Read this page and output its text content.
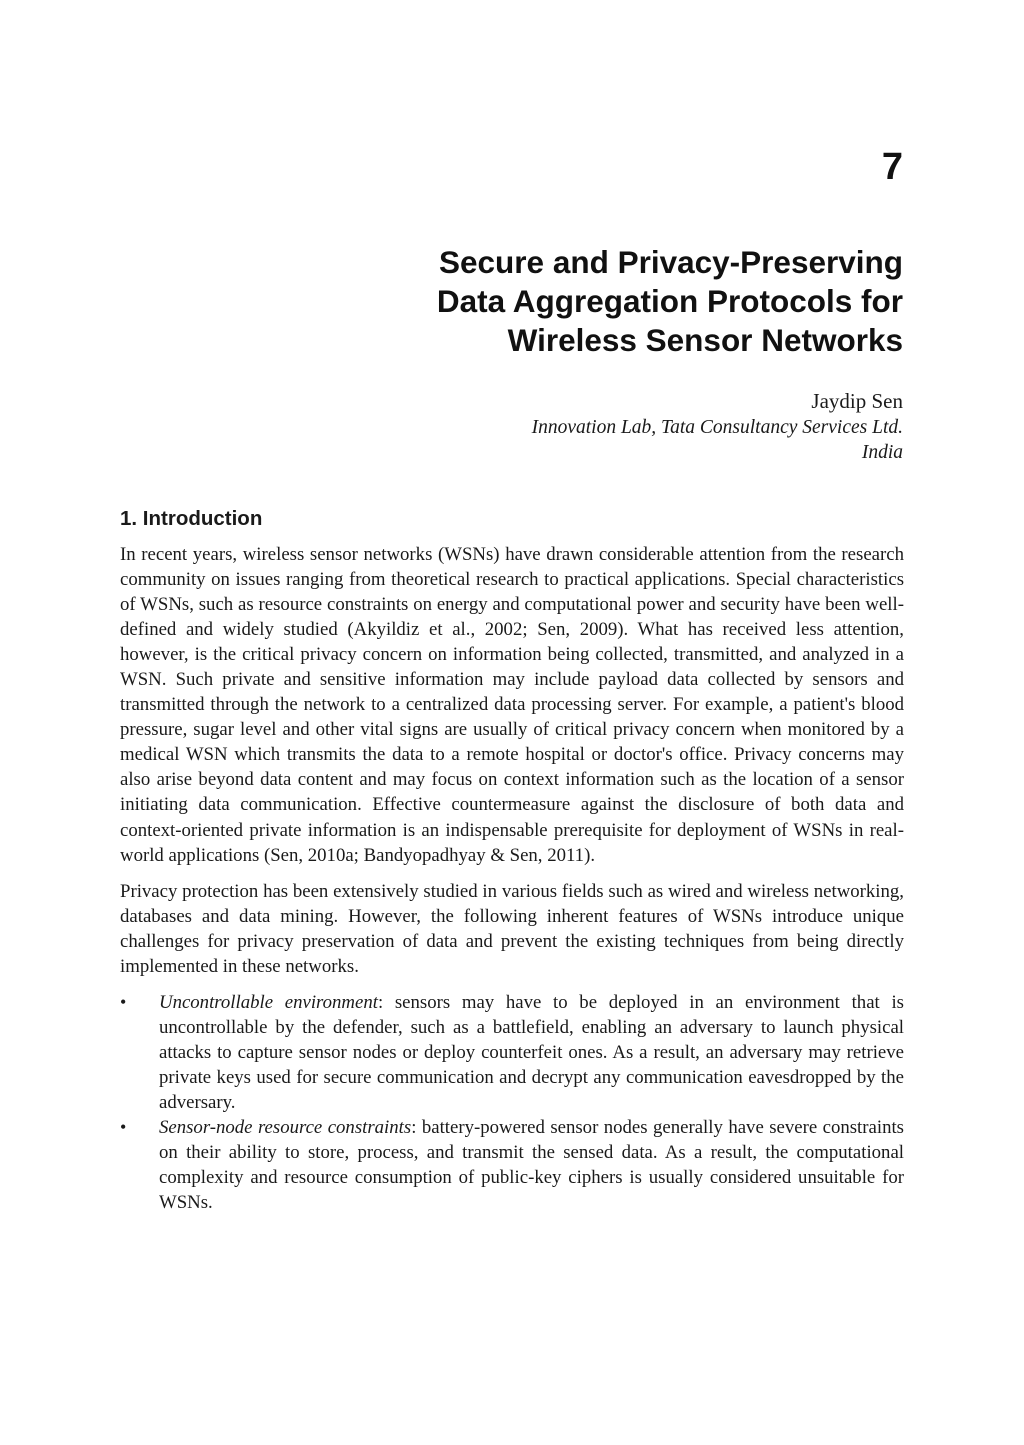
7
Secure and Privacy-Preserving
Data Aggregation Protocols for
Wireless Sensor Networks
Jaydip Sen
Innovation Lab, Tata Consultancy Services Ltd.
India
1. Introduction

In recent years, wireless sensor networks (WSNs) have drawn considerable attention from the research community on issues ranging from theoretical research to practical applications. Special characteristics of WSNs, such as resource constraints on energy and computational power and security have been well-defined and widely studied (Akyildiz et al., 2002; Sen, 2009). What has received less attention, however, is the critical privacy concern on information being collected, transmitted, and analyzed in a WSN. Such private and sensitive information may include payload data collected by sensors and transmitted through the network to a centralized data processing server. For example, a patient's blood pressure, sugar level and other vital signs are usually of critical privacy concern when monitored by a medical WSN which transmits the data to a remote hospital or doctor's office. Privacy concerns may also arise beyond data content and may focus on context information such as the location of a sensor initiating data communication. Effective countermeasure against the disclosure of both data and context-oriented private information is an indispensable prerequisite for deployment of WSNs in real-world applications (Sen, 2010a; Bandyopadhyay & Sen, 2011).

Privacy protection has been extensively studied in various fields such as wired and wireless networking, databases and data mining. However, the following inherent features of WSNs introduce unique challenges for privacy preservation of data and prevent the existing techniques from being directly implemented in these networks.

• Uncontrollable environment: sensors may have to be deployed in an environment that is uncontrollable by the defender, such as a battlefield, enabling an adversary to launch physical attacks to capture sensor nodes or deploy counterfeit ones. As a result, an adversary may retrieve private keys used for secure communication and decrypt any communication eavesdropped by the adversary.
• Sensor-node resource constraints: battery-powered sensor nodes generally have severe constraints on their ability to store, process, and transmit the sensed data. As a result, the computational complexity and resource consumption of public-key ciphers is usually considered unsuitable for WSNs.
